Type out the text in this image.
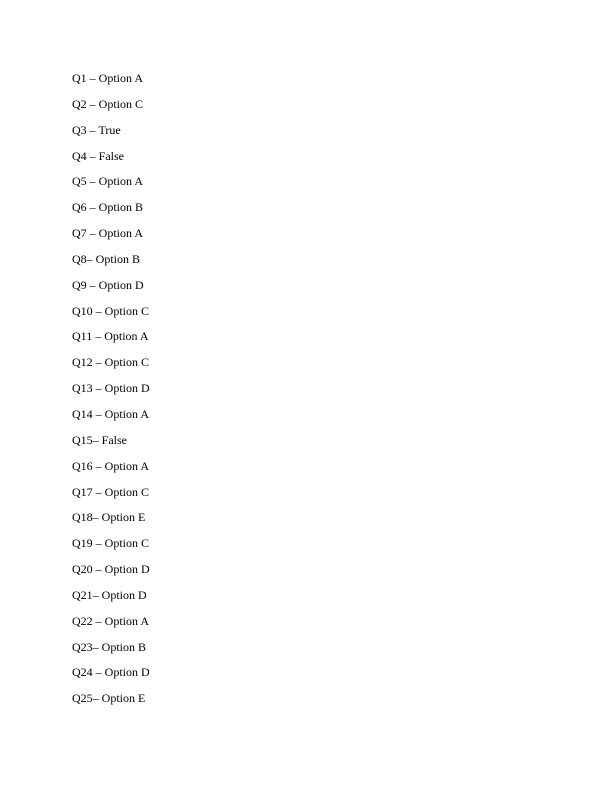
Q1 – Option A
Q2 – Option C
Q3 – True
Q4 – False
Q5 – Option A
Q6 – Option B
Q7 – Option A
Q8– Option B
Q9 – Option D
Q10 – Option C
Q11 – Option A
Q12 – Option C
Q13 – Option D
Q14 – Option A
Q15– False
Q16 – Option A
Q17 – Option C
Q18– Option E
Q19 – Option C
Q20 – Option D
Q21– Option D
Q22 – Option A
Q23– Option B
Q24 – Option D
Q25– Option E
